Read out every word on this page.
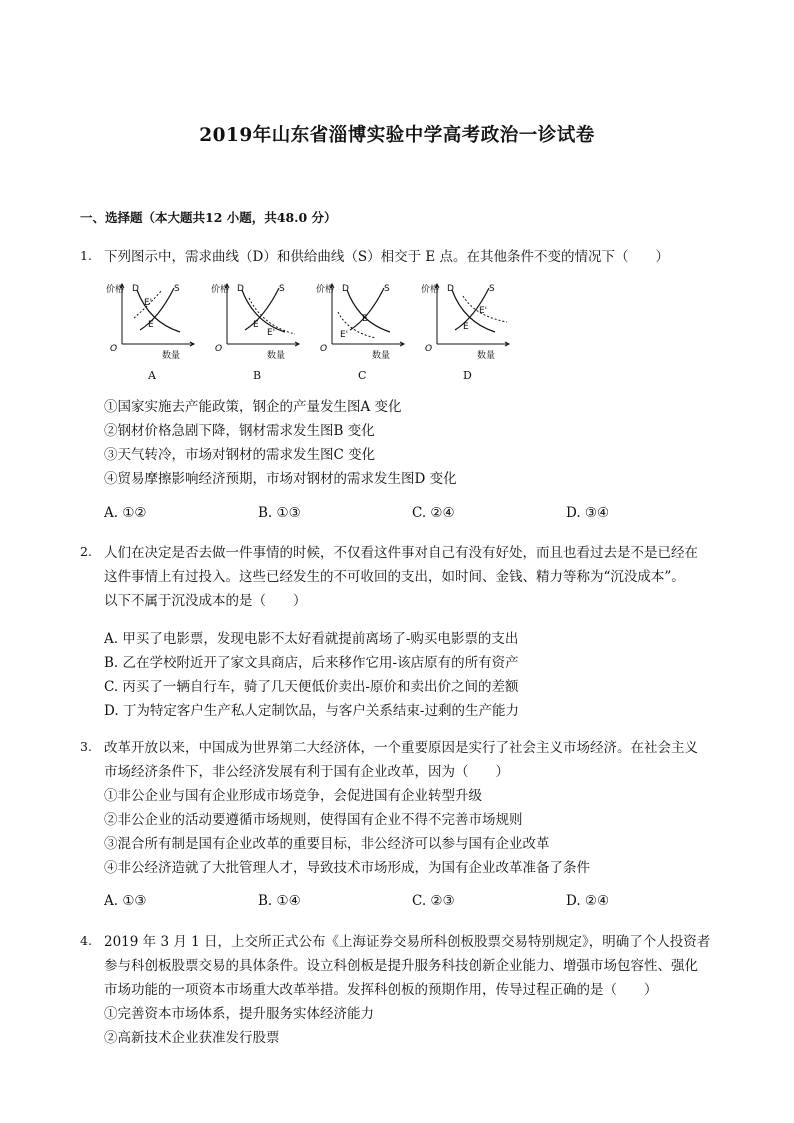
2019年山东省淄博实验中学高考政治一诊试卷
一、选择题（本大题共12 小题，共48.0 分）
1. 下列图示中，需求曲线（D）和供给曲线（S）相交于 E 点。在其他条件不变的情况下（　　）
价格
数量
O
D	S
E
E'
A
价格
数量
O
D	S
E
E'
B
价格
数量
O
D	S
E
E'
C
价格
数量
O
D	S
E
E'
D
①国家实施去产能政策，钢企的产量发生图A 变化
②钢材价格急剧下降，钢材需求发生图B 变化
③天气转冷，市场对钢材的需求发生图C 变化
④贸易摩擦影响经济预期，市场对钢材的需求发生图D 变化
A. ①②	B. ①③	C. ②④	D. ③④
2. 人们在决定是否去做一件事情的时候，不仅看这件事对自己有没有好处，而且也看过去是不是已经在
这件事情上有过投入。这些已经发生的不可收回的支出，如时间、金钱、精力等称为“沉没成本”。
以下不属于沉没成本的是（　　）
A. 甲买了电影票，发现电影不太好看就提前离场了-购买电影票的支出
B. 乙在学校附近开了家文具商店，后来移作它用-该店原有的所有资产
C. 丙买了一辆自行车，骑了几天便低价卖出-原价和卖出价之间的差额
D. 丁为特定客户生产私人定制饮品，与客户关系结束-过剩的生产能力
3. 改革开放以来，中国成为世界第二大经济体，一个重要原因是实行了社会主义市场经济。在社会主义
市场经济条件下，非公经济发展有利于国有企业改革，因为（　　）
①非公企业与国有企业形成市场竞争，会促进国有企业转型升级
②非公企业的活动要遵循市场规则，使得国有企业不得不完善市场规则
③混合所有制是国有企业改革的重要目标，非公经济可以参与国有企业改革
④非公经济造就了大批管理人才，导致技术市场形成，为国有企业改革准备了条件
A. ①③	B. ①④	C. ②③	D. ②④
4. 2019 年 3 月 1 日，上交所正式公布《上海证券交易所科创板股票交易特别规定》，明确了个人投资者
参与科创板股票交易的具体条件。设立科创板是提升服务科技创新企业能力、增强市场包容性、强化
市场功能的一项资本市场重大改革举措。发挥科创板的预期作用，传导过程正确的是（　　）
①完善资本市场体系，提升服务实体经济能力
②高新技术企业获准发行股票
